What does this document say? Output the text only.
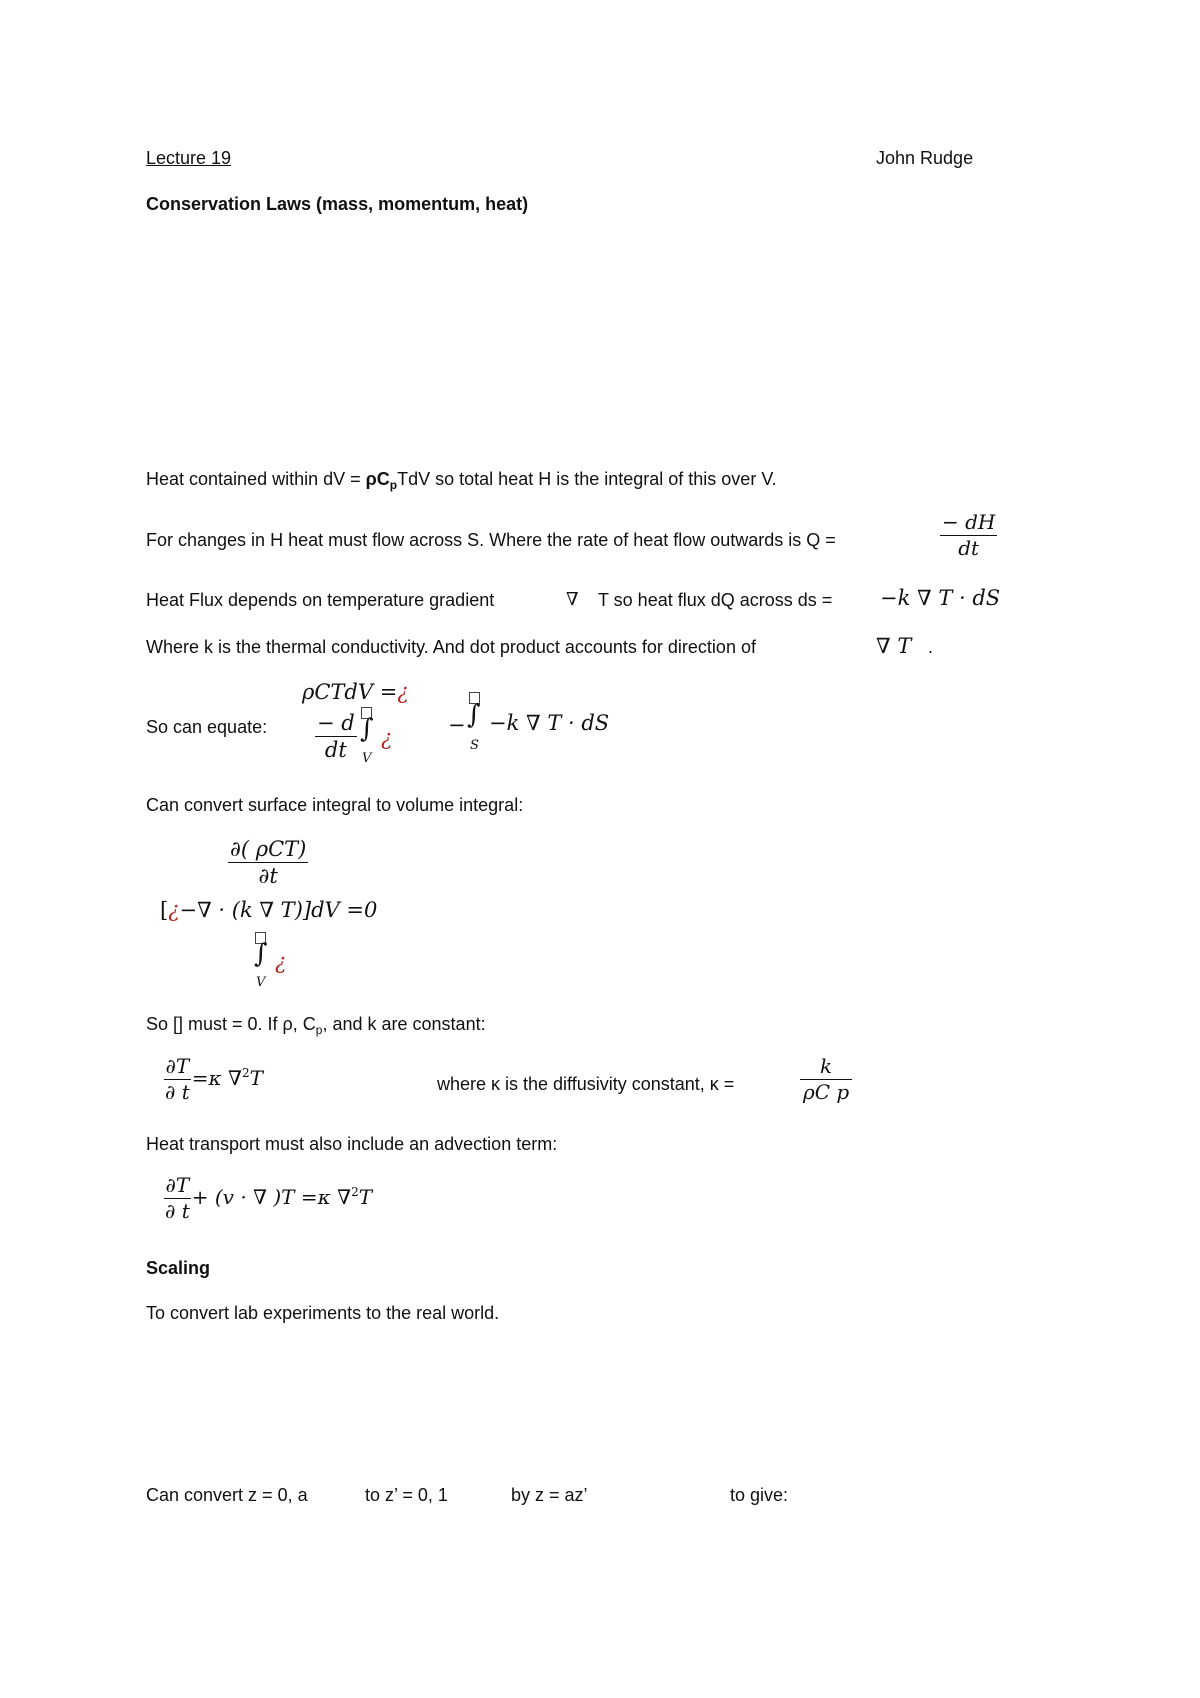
Lecture 19	John Rudge
Conservation Laws (mass, momentum, heat)
Heat contained within dV = $\rho C_pTdV$ so total heat H is the integral of this over V.
For changes in H heat must flow across S. Where the rate of heat flow outwards is Q =	$\frac{- dH}{dt}$
Heat Flux depends on temperature gradient	∇ T so heat flux dQ across ds = −k ∇ T · dS
Where k is the thermal conductivity. And dot product accounts for direction of	∇ T .
ρCTdV =¿
So can equate: $\frac{- d}{dt}$ ∫
V
¿
− ∫
S
−k ∇ T · dS
Can convert surface integral to volume integral:
$\frac{\text{∂( ρCT)}}{\partial t}$
[¿−∇ · (k ∇ T)]dV =0
∫
V
¿
So [] must = 0. If ρ, $C_p$, and k are constant:
$\frac{\partial T}{\partial t} =\kappa$ ∇$^2$T	where κ is the diffusivity constant, κ =	$\frac{k}{\text{ρC p}}$
Heat transport must also include an advection term:
$\frac{\partial T}{\partial t} + (v$ · ∇ )T =κ ∇$^2$T
Scaling
To convert lab experiments to the real world.
Can convert z = 0, a	to z’ = 0, 1	by z = az’	to give:
